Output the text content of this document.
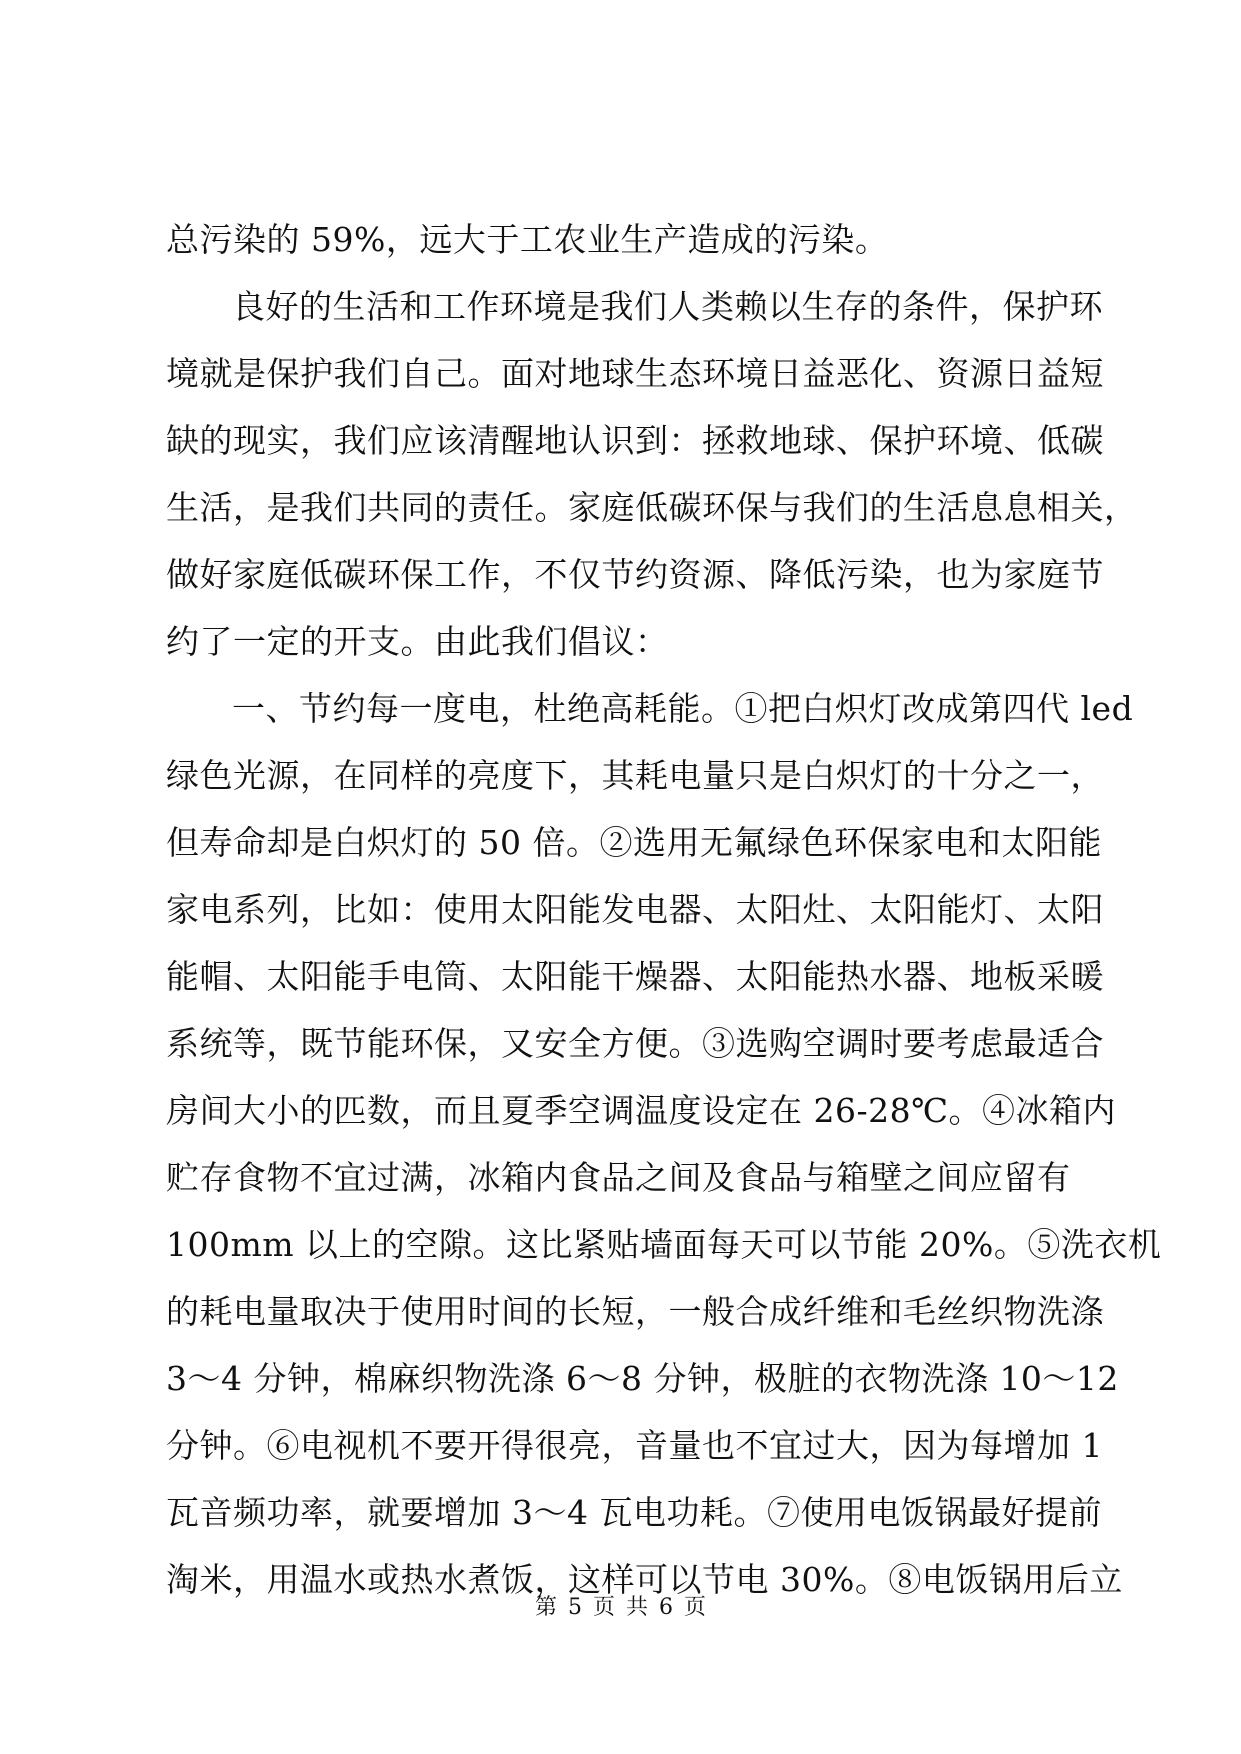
总污染的 59%，远大于工农业生产造成的污染。
良好的生活和工作环境是我们人类赖以生存的条件，保护环
境就是保护我们自己。面对地球生态环境日益恶化、资源日益短
缺的现实，我们应该清醒地认识到：拯救地球、保护环境、低碳
生活，是我们共同的责任。家庭低碳环保与我们的生活息息相关，
做好家庭低碳环保工作，不仅节约资源、降低污染，也为家庭节
约了一定的开支。由此我们倡议：
一、节约每一度电，杜绝高耗能。①把白炽灯改成第四代 led
绿色光源，在同样的亮度下，其耗电量只是白炽灯的十分之一，
但寿命却是白炽灯的 50 倍。②选用无氟绿色环保家电和太阳能
家电系列，比如：使用太阳能发电器、太阳灶、太阳能灯、太阳
能帽、太阳能手电筒、太阳能干燥器、太阳能热水器、地板采暖
系统等，既节能环保，又安全方便。③选购空调时要考虑最适合
房间大小的匹数，而且夏季空调温度设定在 26-28℃。④冰箱内
贮存食物不宜过满，冰箱内食品之间及食品与箱壁之间应留有
100mm 以上的空隙。这比紧贴墙面每天可以节能 20%。⑤洗衣机
的耗电量取决于使用时间的长短，一般合成纤维和毛丝织物洗涤
3～4 分钟，棉麻织物洗涤 6～8 分钟，极脏的衣物洗涤 10～12
分钟。⑥电视机不要开得很亮，音量也不宜过大，因为每增加 1
瓦音频功率，就要增加 3～4 瓦电功耗。⑦使用电饭锅最好提前
淘米，用温水或热水煮饭，这样可以节电 30%。⑧电饭锅用后立
第 5 页 共 6 页
